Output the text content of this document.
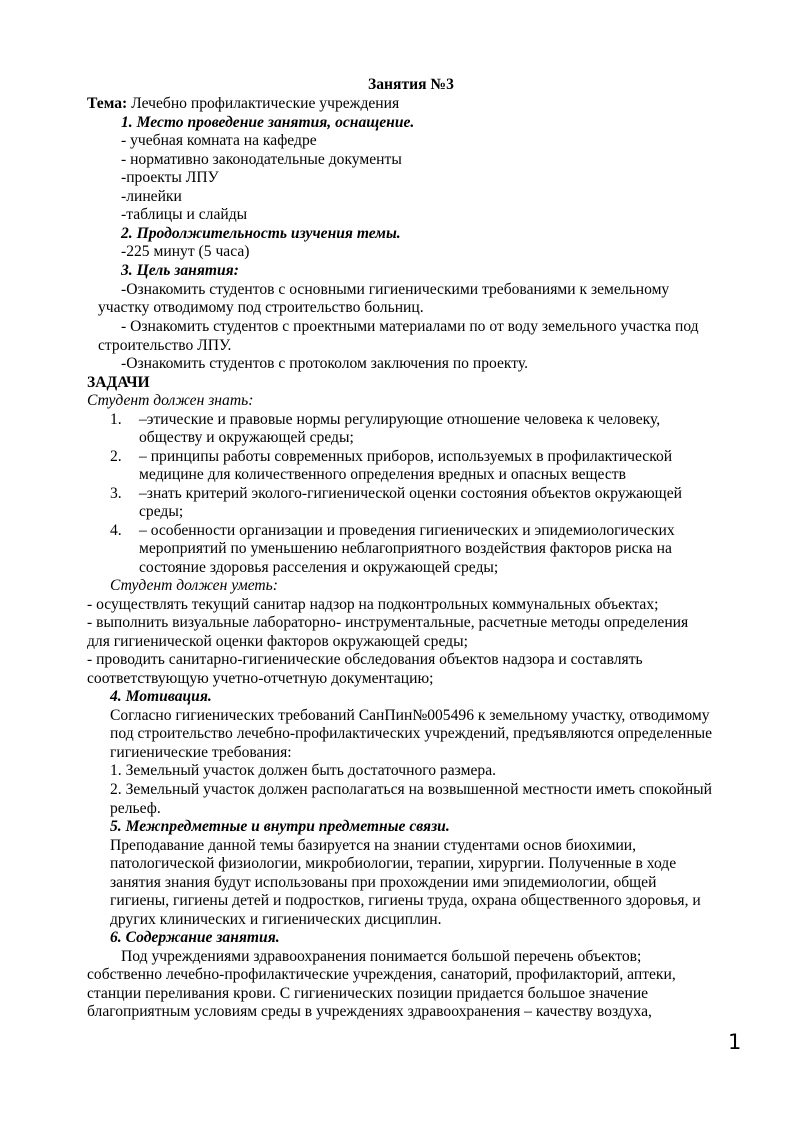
Занятия №3
Тема: Лечебно профилактические учреждения
1. Место проведение занятия, оснащение.
- учебная комната на кафедре
- нормативно законодательные документы
-проекты ЛПУ
-линейки
-таблицы и слайды
2. Продолжительность изучения темы.
-225 минут (5 часа)
3. Цель занятия:
-Ознакомить студентов с основными гигиеническими требованиями к земельному
участку отводимому под строительство больниц.
- Ознакомить студентов с проектными материалами по от воду земельного участка под
строительство ЛПУ.
-Ознакомить студентов с протоколом заключения по проекту.
ЗАДАЧИ
Студент должен знать:
1. –этические и правовые нормы регулирующие отношение человека к человеку,
обществу и окружающей среды;
2. – принципы работы современных приборов, используемых в профилактической
медицине для количественного определения вредных и опасных веществ
3. –знать критерий эколого-гигиенической оценки состояния объектов окружающей
среды;
4. – особенности организации и проведения гигиенических и эпидемиологических
мероприятий по уменьшению неблагоприятного воздействия факторов риска на
состояние здоровья расселения и окружающей среды;
Студент должен уметь:
- осуществлять текущий санитар надзор на подконтрольных коммунальных объектах;
- выполнить визуальные лабораторно- инструментальные, расчетные методы определения
для гигиенической оценки факторов окружающей среды;
- проводить санитарно-гигиенические обследования объектов надзора и составлять
соответствующую учетно-отчетную документацию;
4. Мотивация.
Согласно гигиенических требований СанПин№005496 к земельному участку, отводимому
под строительство лечебно-профилактических учреждений, предъявляются определенные
гигиенические требования:
1. Земельный участок должен быть достаточного размера.
2. Земельный участок должен располагаться на возвышенной местности иметь спокойный
рельеф.
5. Межпредметные и внутри предметные связи.
Преподавание данной темы базируется на знании студентами основ биохимии,
патологической физиологии, микробиологии, терапии, хирургии. Полученные в ходе
занятия знания будут использованы при прохождении ими эпидемиологии, общей
гигиены, гигиены детей и подростков, гигиены труда, охрана общественного здоровья, и
других клинических и гигиенических дисциплин.
6. Содержание занятия.
Под учреждениями здравоохранения понимается большой перечень объектов;
собственно лечебно-профилактические учреждения, санаторий, профилакторий, аптеки,
станции переливания крови. С гигиенических позиции придается большое значение
благоприятным условиям среды в учреждениях здравоохранения – качеству воздуха,
1
